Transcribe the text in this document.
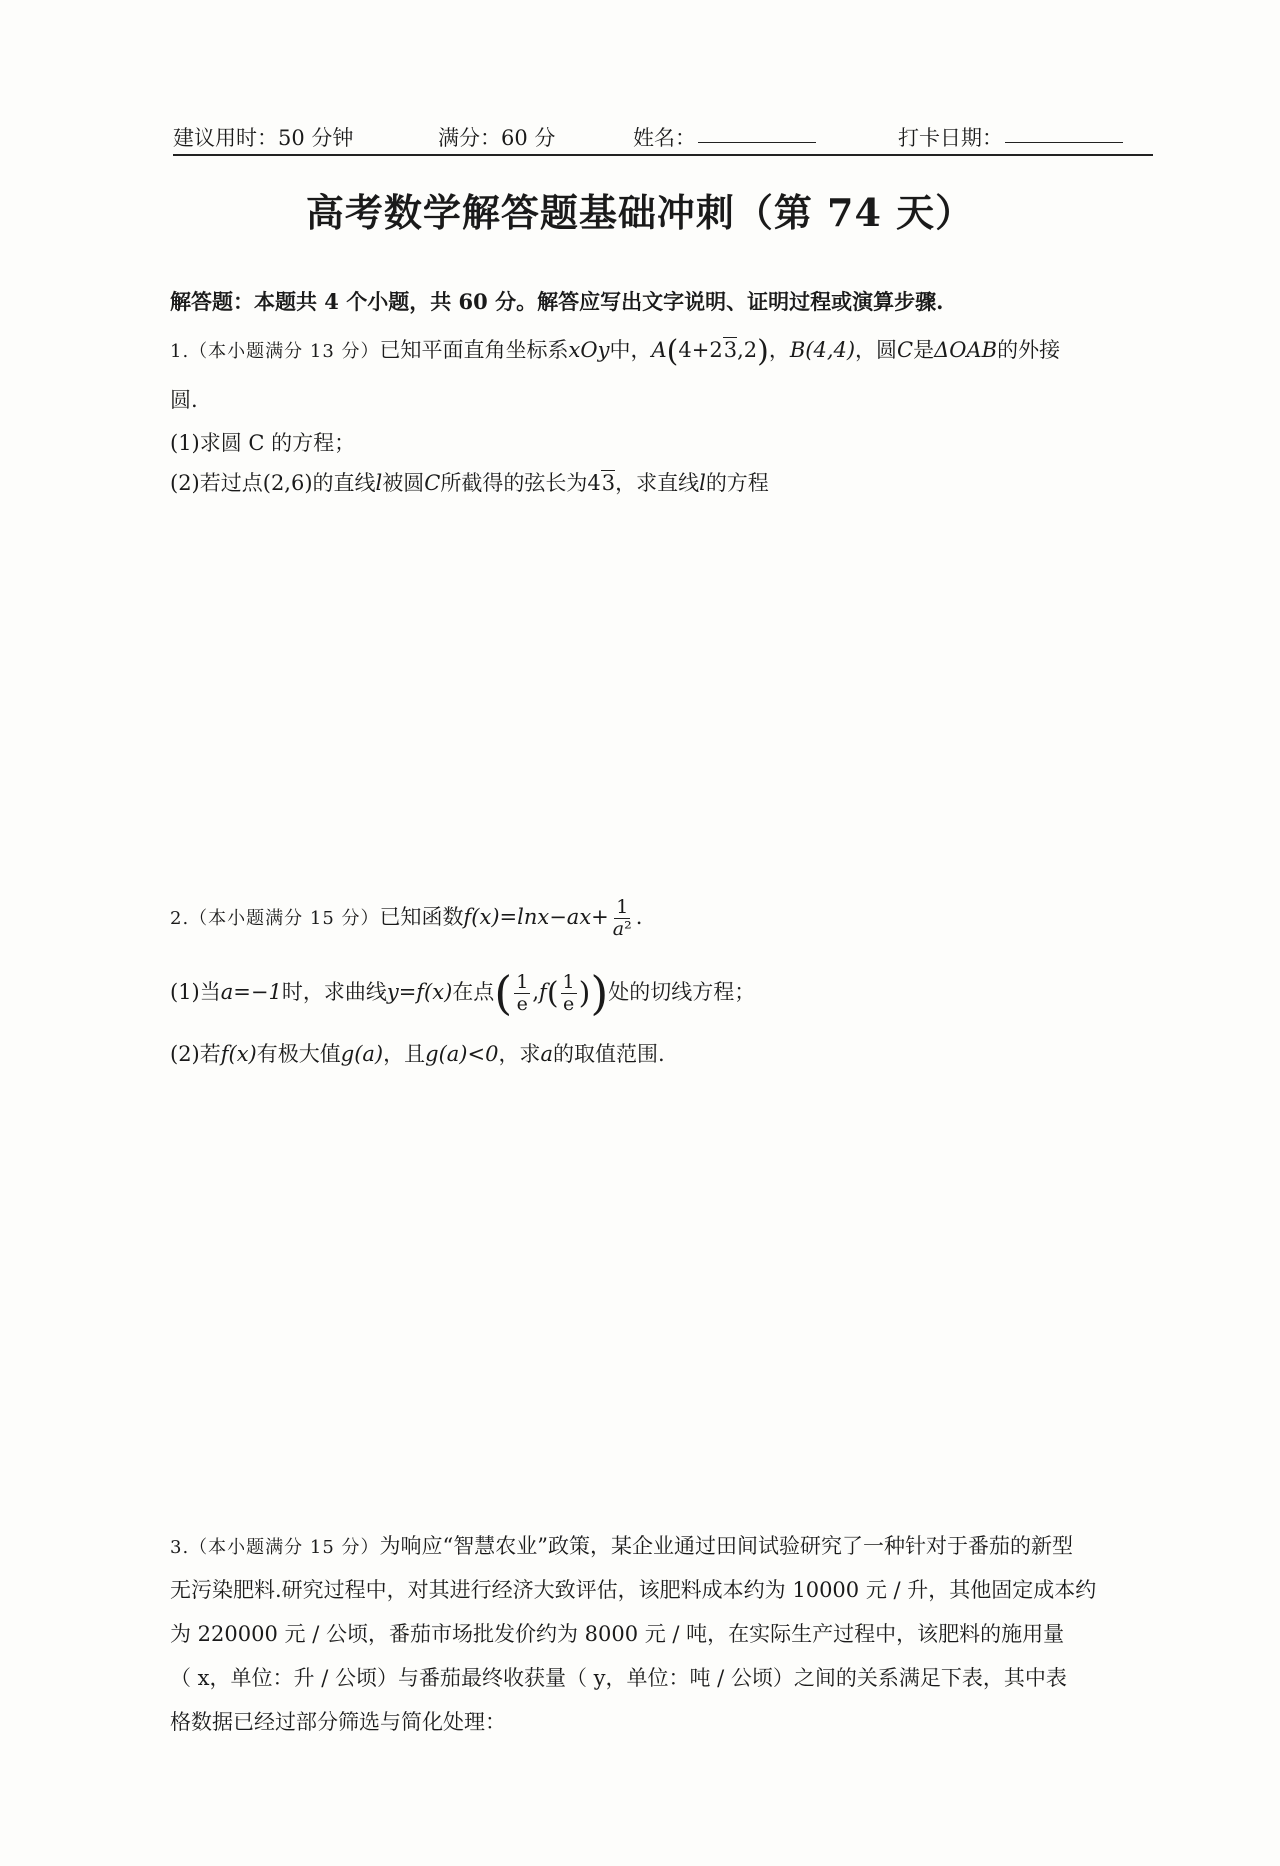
建议用时：50 分钟	满分：60 分	姓名：	打卡日期：
高考数学解答题基础冲刺（第 74 天）
解答题：本题共 4 个小题，共 60 分。解答应写出文字说明、证明过程或演算步骤.
1.（本小题满分 13 分）已知平面直角坐标系xOy中，A(4+23,2)，B(4,4)，圆C是ΔOAB的外接
圆.
(1)求圆 C 的方程；
(2)若过点(2,6)的直线l被圆C所截得的弦长为43，求直线l的方程
2.（本小题满分 15 分）已知函数$f(x)=\ln x-ax+ \frac{1}{\text{a²}}$ .
(1)当a=−1时，求曲线y=f(x)在点( $\frac{1}{e} ,f( \frac{1}{e}$ ))处的切线方程；
(2)若f(x)有极大值g(a)，且g(a)<0，求a的取值范围.
3.（本小题满分 15 分）为响应“智慧农业”政策，某企业通过田间试验研究了一种针对于番茄的新型
无污染肥料.研究过程中，对其进行经济大致评估，该肥料成本约为 10000 元 / 升，其他固定成本约
为 220000 元 / 公顷，番茄市场批发价约为 8000 元 / 吨，在实际生产过程中，该肥料的施用量
（ x，单位：升 / 公顷）与番茄最终收获量（ y，单位：吨 / 公顷）之间的关系满足下表，其中表
格数据已经过部分筛选与简化处理：
